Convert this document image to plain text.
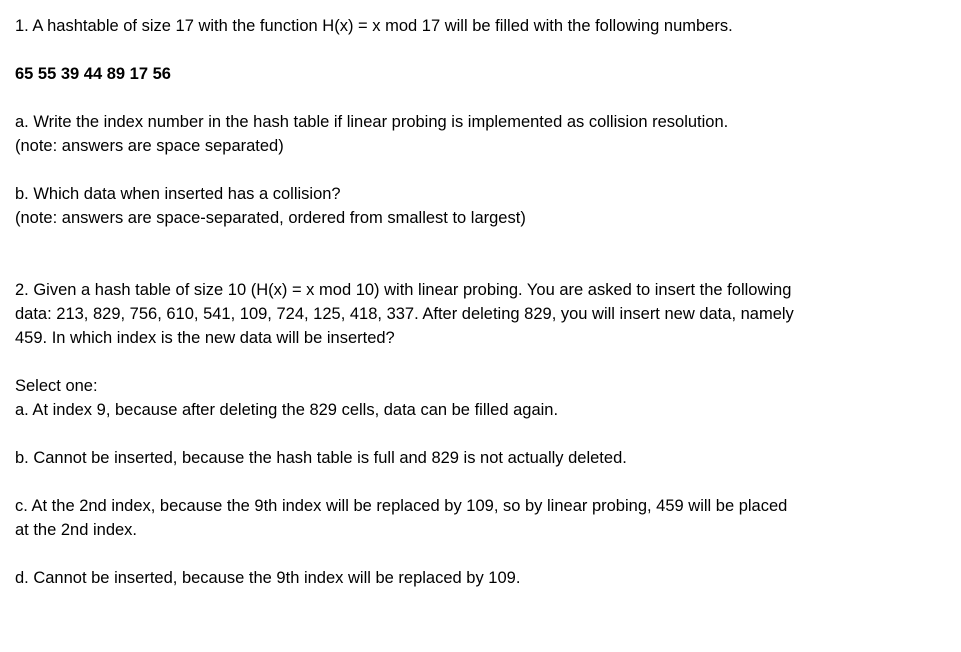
1. A hashtable of size 17 with the function H(x) = x mod 17 will be filled with the following numbers.

65 55 39 44 89 17 56

a. Write the index number in the hash table if linear probing is implemented as collision resolution.

(note: answers are space separated)

b. Which data when inserted has a collision?

(note: answers are space-separated, ordered from smallest to largest)

2. Given a hash table of size 10 (H(x) = x mod 10) with linear probing. You are asked to insert the following

data: 213, 829, 756, 610, 541, 109, 724, 125, 418, 337. After deleting 829, you will insert new data, namely

459. In which index is the new data will be inserted?

Select one:

a. At index 9, because after deleting the 829 cells, data can be filled again.

b. Cannot be inserted, because the hash table is full and 829 is not actually deleted.

c. At the 2nd index, because the 9th index will be replaced by 109, so by linear probing, 459 will be placed

at the 2nd index.

d. Cannot be inserted, because the 9th index will be replaced by 109.
